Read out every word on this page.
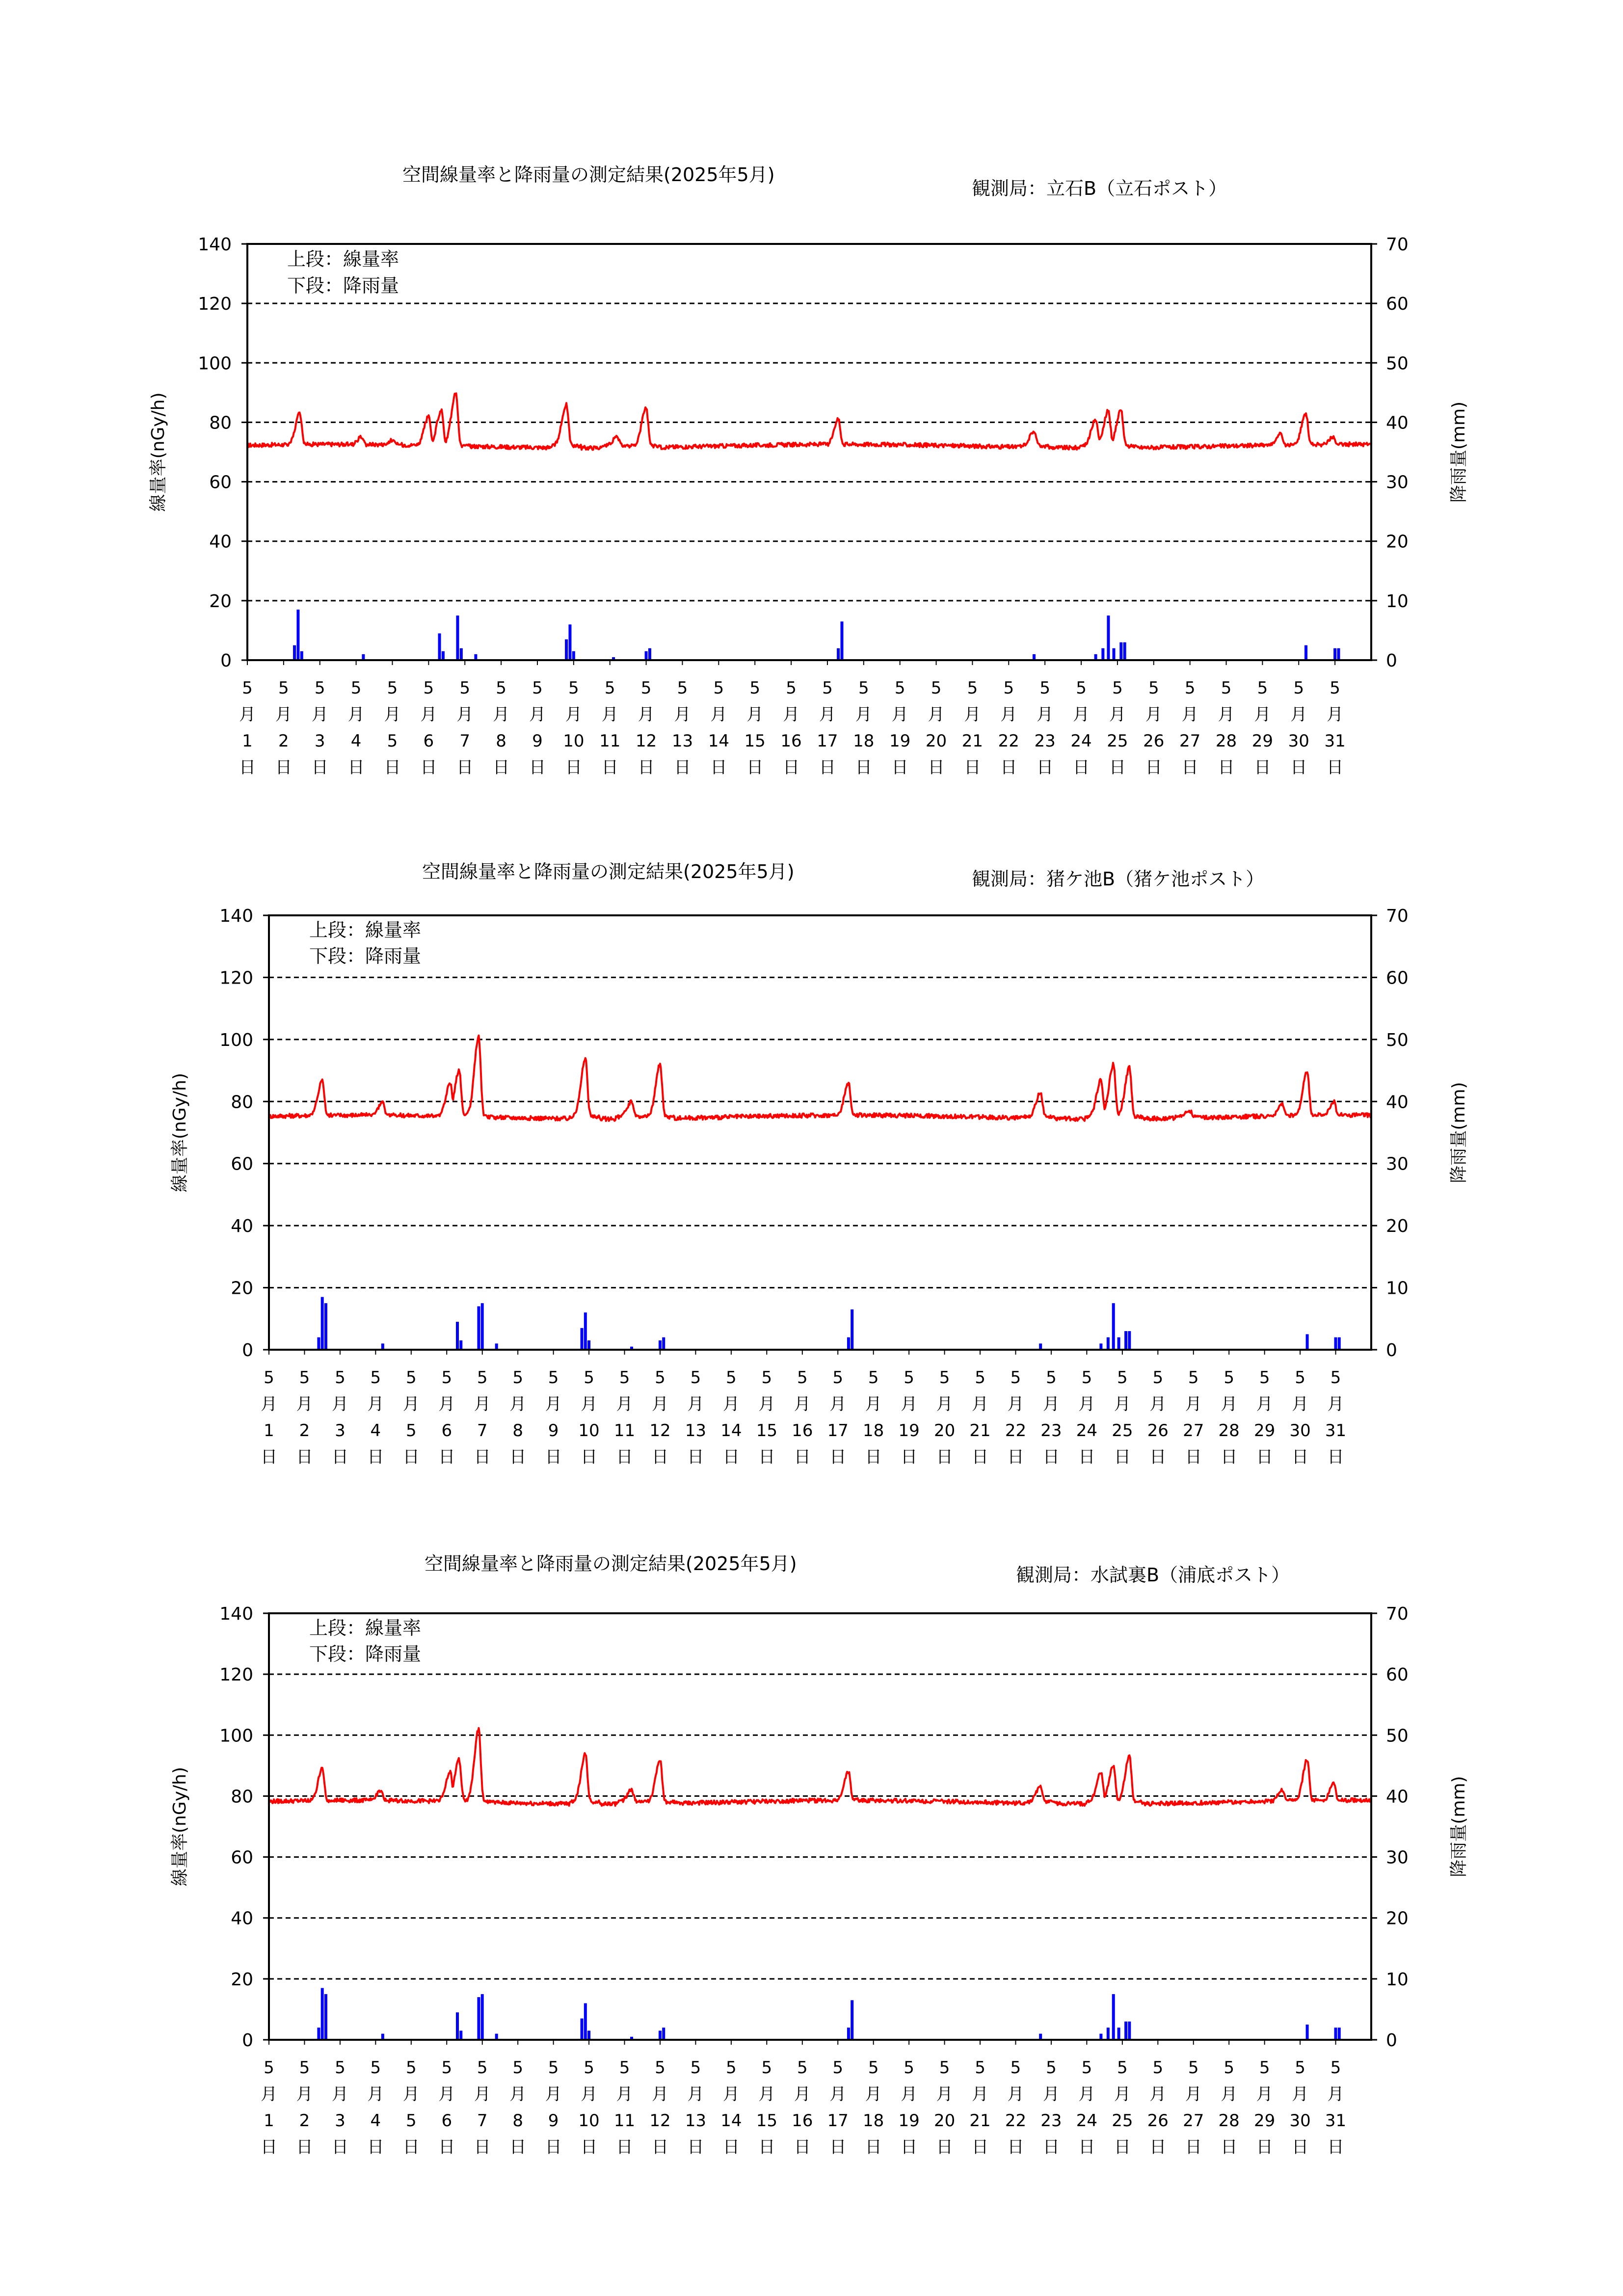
空間線量率と降雨量の測定結果(2025年5月)
観測局：立石B（立石ポスト）
0
20
40
60
80
100
120
140
0
10
20
30
40
50
60
70
線量率(nGy/h)	降雨量(mm)
5
月
1
日
5
月
2
日
5
月
3
日
5
月
4
日
5
月
5
日
5
月
6
日
5
月
7
日
5
月
8
日
5
月
9
日
5
月
10
日
5
月
11
日
5
月
12
日
5
月
13
日
5
月
14
日
5
月
15
日
5
月
16
日
5
月
17
日
5
月
18
日
5
月
19
日
5
月
20
日
5
月
21
日
5
月
22
日
5
月
23
日
5
月
24
日
5
月
25
日
5
月
26
日
5
月
27
日
5
月
28
日
5
月
29
日
5
月
30
日
5
月
31
日
上段：線量率
下段：降雨量
空間線量率と降雨量の測定結果(2025年5月)	観測局：猪ケ池B（猪ケ池ポスト）
0
20
40
60
80
100
120
140
0
10
20
30
40
50
60
70
線量率(nGy/h)	降雨量(mm)
5
月
1
日
5
月
2
日
5
月
3
日
5
月
4
日
5
月
5
日
5
月
6
日
5
月
7
日
5
月
8
日
5
月
9
日
5
月
10
日
5
月
11
日
5
月
12
日
5
月
13
日
5
月
14
日
5
月
15
日
5
月
16
日
5
月
17
日
5
月
18
日
5
月
19
日
5
月
20
日
5
月
21
日
5
月
22
日
5
月
23
日
5
月
24
日
5
月
25
日
5
月
26
日
5
月
27
日
5
月
28
日
5
月
29
日
5
月
30
日
5
月
31
日
上段：線量率
下段：降雨量
空間線量率と降雨量の測定結果(2025年5月)
観測局：水試裏B（浦底ポスト）
0
20
40
60
80
100
120
140
0
10
20
30
40
50
60
70
線量率(nGy/h)	降雨量(mm)
5
月
1
日
5
月
2
日
5
月
3
日
5
月
4
日
5
月
5
日
5
月
6
日
5
月
7
日
5
月
8
日
5
月
9
日
5
月
10
日
5
月
11
日
5
月
12
日
5
月
13
日
5
月
14
日
5
月
15
日
5
月
16
日
5
月
17
日
5
月
18
日
5
月
19
日
5
月
20
日
5
月
21
日
5
月
22
日
5
月
23
日
5
月
24
日
5
月
25
日
5
月
26
日
5
月
27
日
5
月
28
日
5
月
29
日
5
月
30
日
5
月
31
日
上段：線量率
下段：降雨量
